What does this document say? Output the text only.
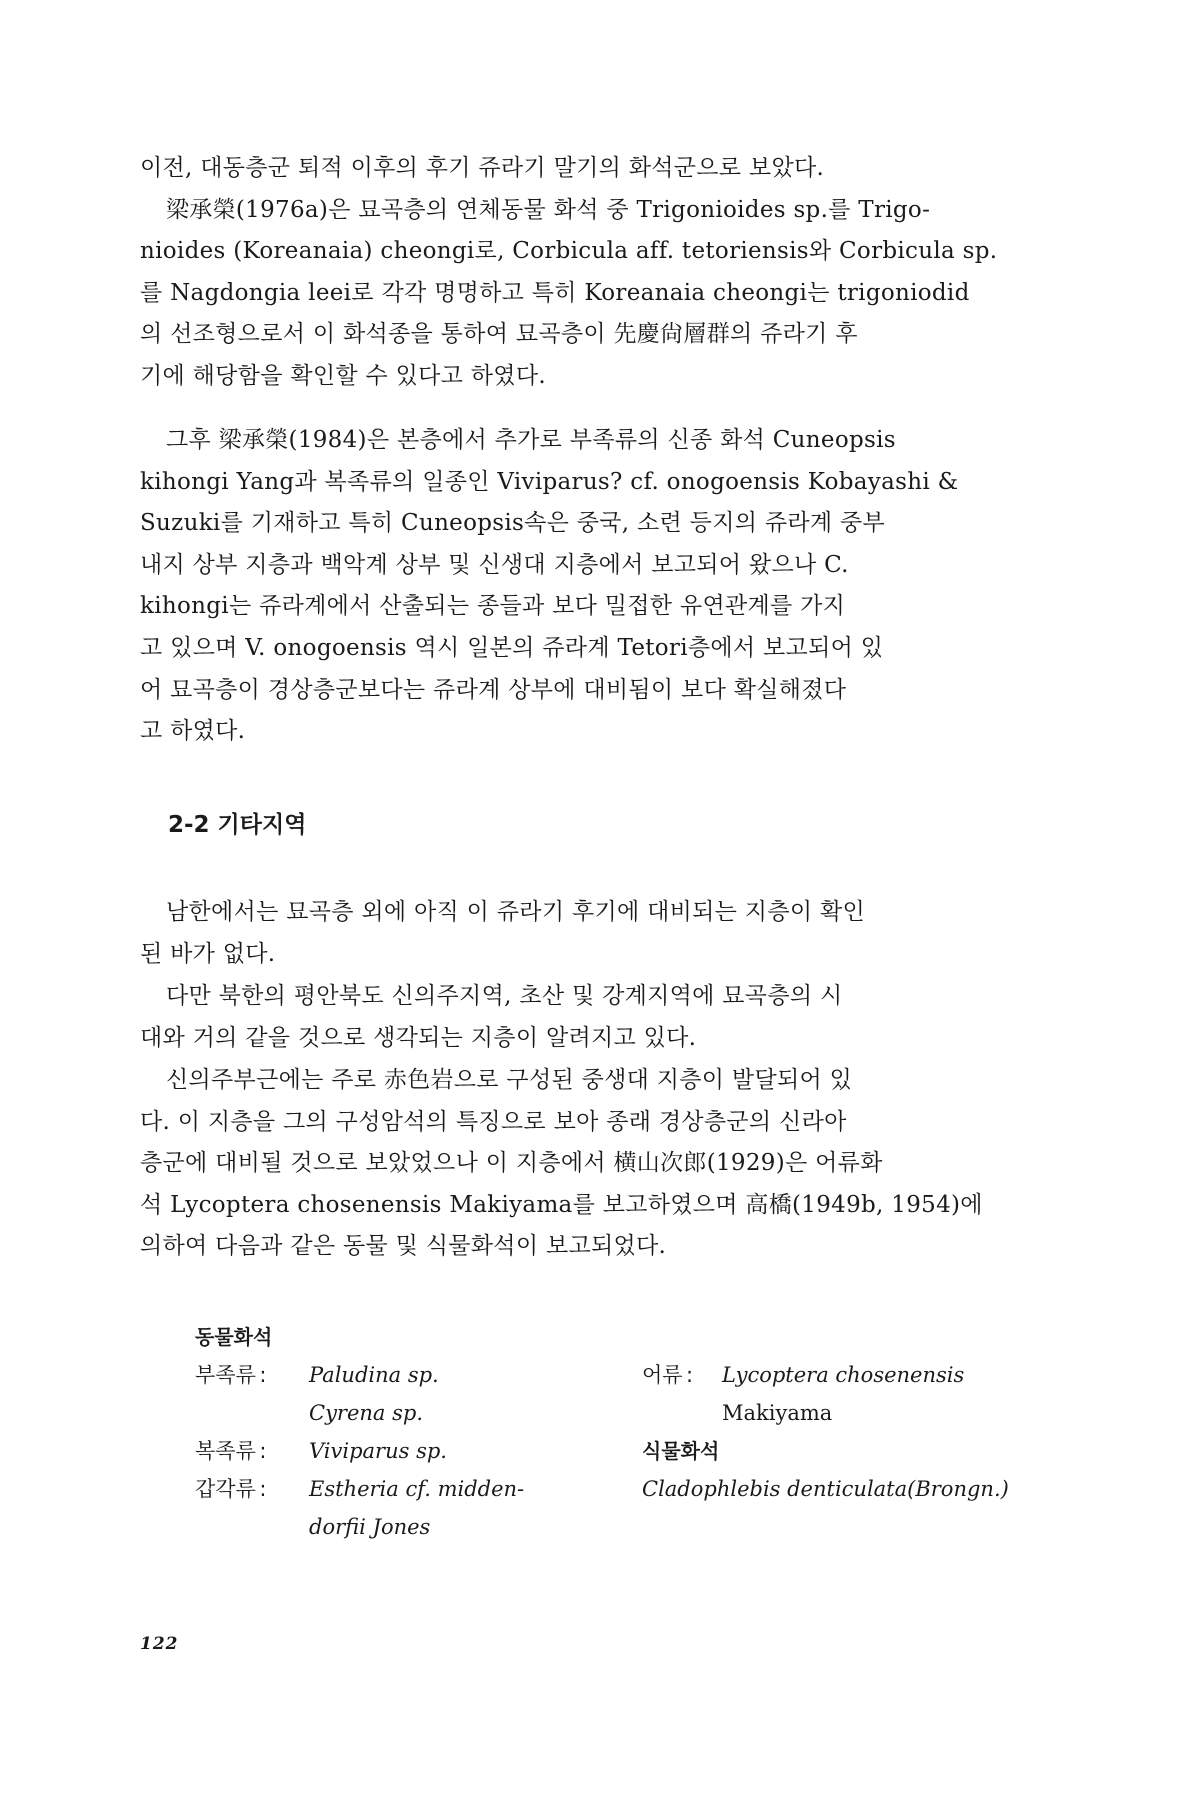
이전, 대동층군 퇴적 이후의 후기 쥬라기 말기의 화석군으로 보았다.
梁承榮(1976a)은 묘곡층의 연체동물 화석 중 Trigonioides sp.를 Trigo-
nioides (Koreanaia) cheongi로, Corbicula aff. tetoriensis와 Corbicula sp.
를 Nagdongia leei로 각각 명명하고 특히 Koreanaia cheongi는 trigoniodid
의 선조형으로서 이 화석종을 통하여 묘곡층이 先慶尙層群의 쥬라기 후
기에 해당함을 확인할 수 있다고 하였다.
그후 梁承榮(1984)은 본층에서 추가로 부족류의 신종 화석 Cuneopsis
kihongi Yang과 복족류의 일종인 Viviparus? cf. onogoensis Kobayashi &
Suzuki를 기재하고 특히 Cuneopsis속은 중국, 소련 등지의 쥬라계 중부
내지 상부 지층과 백악계 상부 및 신생대 지층에서 보고되어 왔으나 C.
kihongi는 쥬라계에서 산출되는 종들과 보다 밀접한 유연관계를 가지
고 있으며 V. onogoensis 역시 일본의 쥬라계 Tetori층에서 보고되어 있
어 묘곡층이 경상층군보다는 쥬라계 상부에 대비됨이 보다 확실해졌다
고 하였다.
2-2 기타지역
남한에서는 묘곡층 외에 아직 이 쥬라기 후기에 대비되는 지층이 확인
된 바가 없다.
다만 북한의 평안북도 신의주지역, 초산 및 강계지역에 묘곡층의 시
대와 거의 같을 것으로 생각되는 지층이 알려지고 있다.
신의주부근에는 주로 赤色岩으로 구성된 중생대 지층이 발달되어 있
다. 이 지층을 그의 구성암석의 특징으로 보아 종래 경상층군의 신라아
층군에 대비될 것으로 보았었으나 이 지층에서 横山次郎(1929)은 어류화
석 Lycoptera chosenensis Makiyama를 보고하였으며 高橋(1949b, 1954)에
의하여 다음과 같은 동물 및 식물화석이 보고되었다.
동물화석
부족류 :	Paludina sp.
Cyrena sp.
복족류 :	Viviparus sp.
갑각류 :	Estheria cf. midden-
dorfii Jones
어류 :	Lycoptera chosenensis
Makiyama
식물화석
Cladophlebis denticulata(Brongn.)
122
